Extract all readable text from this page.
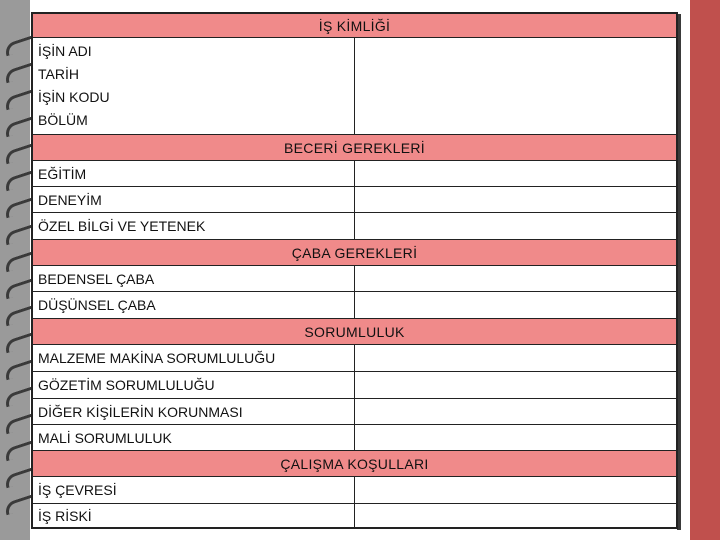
İŞ KİMLİĞİ
İŞİN ADI
TARİH
İŞİN KODU
BÖLÜM
BECERİ GEREKLERİ
EĞİTİM
DENEYİM
ÖZEL BİLGİ VE YETENEK
ÇABA GEREKLERİ
BEDENSEL ÇABA
DÜŞÜNSEL ÇABA
SORUMLULUK
MALZEME MAKİNA SORUMLULUĞU
GÖZETİM SORUMLULUĞU
DİĞER KİŞİLERİN KORUNMASI
MALİ SORUMLULUK
ÇALIŞMA KOŞULLARI
İŞ ÇEVRESİ
İŞ RİSKİ
